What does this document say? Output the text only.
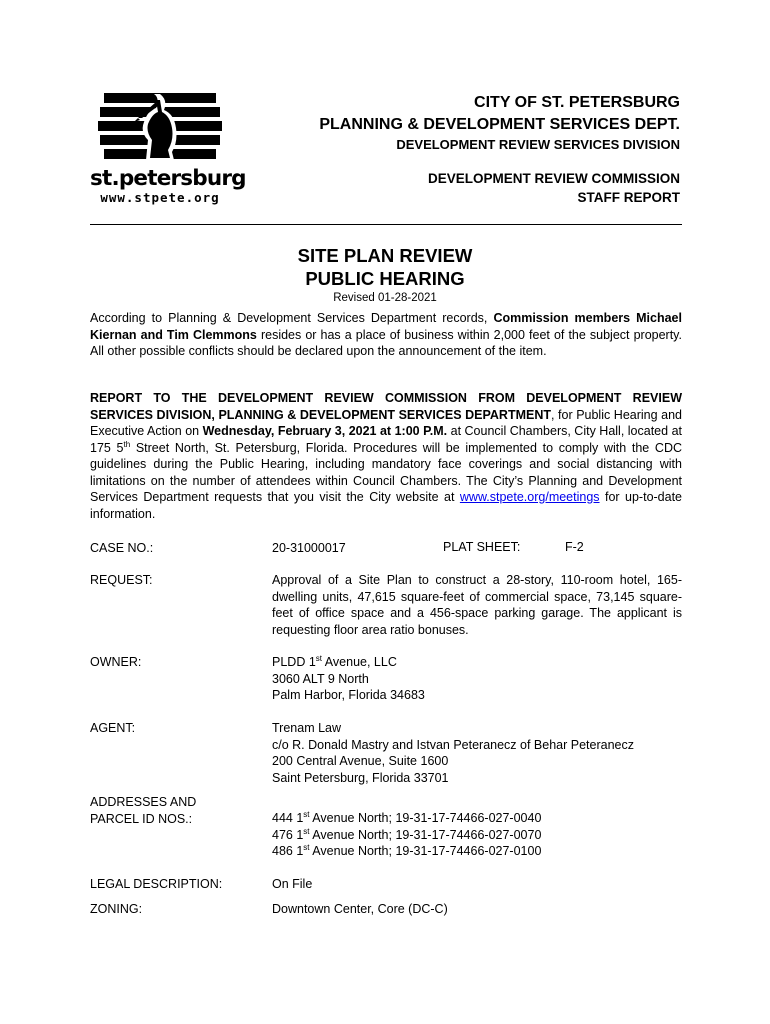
st.petersburg
www.stpete.org
CITY OF ST. PETERSBURG
PLANNING & DEVELOPMENT SERVICES DEPT.
DEVELOPMENT REVIEW SERVICES DIVISION
DEVELOPMENT REVIEW COMMISSION
STAFF REPORT
SITE PLAN REVIEW
PUBLIC HEARING
Revised 01-28-2021
According to Planning & Development Services Department records, Commission members Michael Kiernan and Tim Clemmons resides or has a place of business within 2,000 feet of the subject property. All other possible conflicts should be declared upon the announcement of the item.
REPORT TO THE DEVELOPMENT REVIEW COMMISSION FROM DEVELOPMENT REVIEW SERVICES DIVISION, PLANNING & DEVELOPMENT SERVICES DEPARTMENT, for Public Hearing and Executive Action on Wednesday, February 3, 2021 at 1:00 P.M. at Council Chambers, City Hall, located at 175 5th Street North, St. Petersburg, Florida. Procedures will be implemented to comply with the CDC guidelines during the Public Hearing, including mandatory face coverings and social distancing with limitations on the number of attendees within Council Chambers. The City’s Planning and Development Services Department requests that you visit the City website at www.stpete.org/meetings for up-to-date information.
CASE NO.:	20-31000017	PLAT SHEET:	F-2
REQUEST:	Approval of a Site Plan to construct a 28-story, 110-room hotel, 165-dwelling units, 47,615 square-feet of commercial space, 73,145 square-feet of office space and a 456-space parking garage. The applicant is requesting floor area ratio bonuses.
OWNER:	PLDD 1st Avenue, LLC
3060 ALT 9 North
Palm Harbor, Florida 34683
AGENT:	Trenam Law
c/o R. Donald Mastry and Istvan Peteranecz of Behar Peteranecz
200 Central Avenue, Suite 1600
Saint Petersburg, Florida 33701
ADDRESSES AND
PARCEL ID NOS.:	444 1st Avenue North; 19-31-17-74466-027-0040
476 1st Avenue North; 19-31-17-74466-027-0070
486 1st Avenue North; 19-31-17-74466-027-0100
LEGAL DESCRIPTION:	On File
ZONING:	Downtown Center, Core (DC-C)
